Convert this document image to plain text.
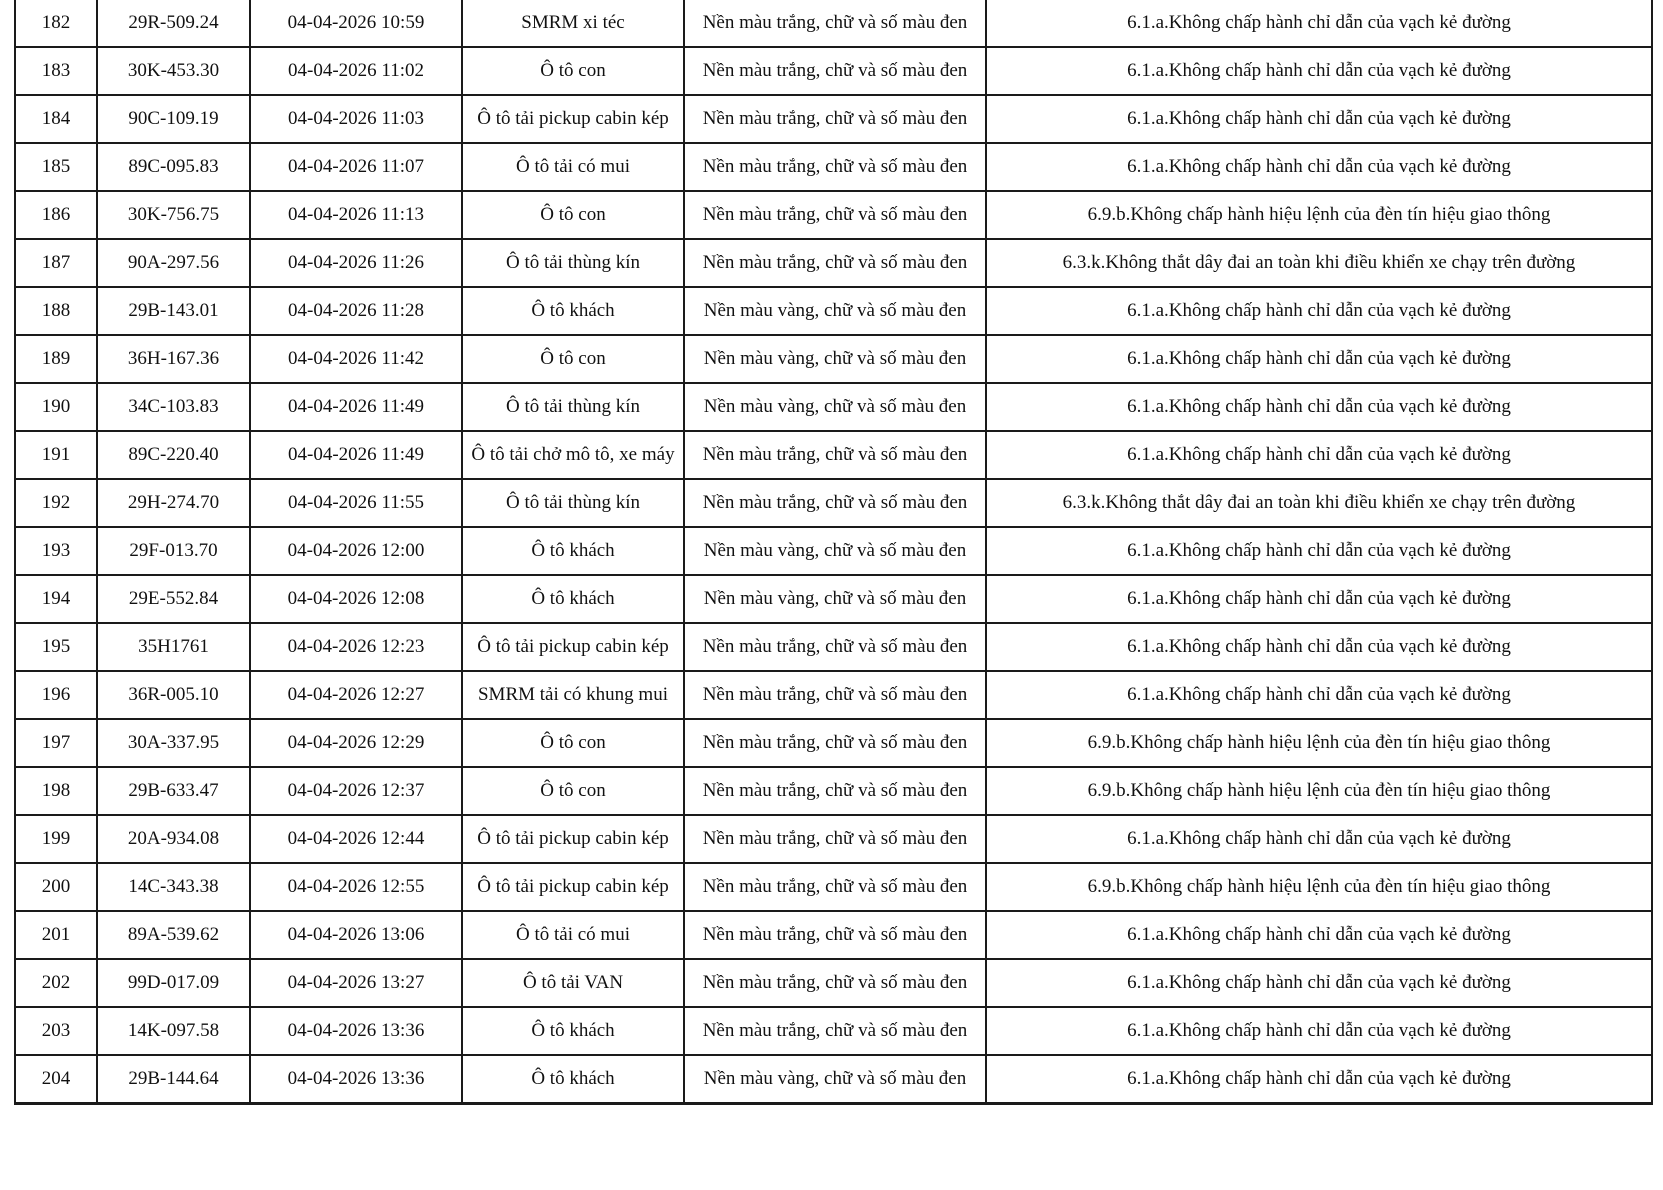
182	29R-509.24	04-04-2026 10:59	SMRM xi téc	Nền màu trắng, chữ và số màu đen	6.1.a.Không chấp hành chỉ dẫn của vạch kẻ đường
183	30K-453.30	04-04-2026 11:02	Ô tô con	Nền màu trắng, chữ và số màu đen	6.1.a.Không chấp hành chỉ dẫn của vạch kẻ đường
184	90C-109.19	04-04-2026 11:03	Ô tô tải pickup cabin kép	Nền màu trắng, chữ và số màu đen	6.1.a.Không chấp hành chỉ dẫn của vạch kẻ đường
185	89C-095.83	04-04-2026 11:07	Ô tô tải có mui	Nền màu trắng, chữ và số màu đen	6.1.a.Không chấp hành chỉ dẫn của vạch kẻ đường
186	30K-756.75	04-04-2026 11:13	Ô tô con	Nền màu trắng, chữ và số màu đen	6.9.b.Không chấp hành hiệu lệnh của đèn tín hiệu giao thông
187	90A-297.56	04-04-2026 11:26	Ô tô tải thùng kín	Nền màu trắng, chữ và số màu đen	6.3.k.Không thắt dây đai an toàn khi điều khiển xe chạy trên đường
188	29B-143.01	04-04-2026 11:28	Ô tô khách	Nền màu vàng, chữ và số màu đen	6.1.a.Không chấp hành chỉ dẫn của vạch kẻ đường
189	36H-167.36	04-04-2026 11:42	Ô tô con	Nền màu vàng, chữ và số màu đen	6.1.a.Không chấp hành chỉ dẫn của vạch kẻ đường
190	34C-103.83	04-04-2026 11:49	Ô tô tải thùng kín	Nền màu vàng, chữ và số màu đen	6.1.a.Không chấp hành chỉ dẫn của vạch kẻ đường
191	89C-220.40	04-04-2026 11:49	Ô tô tải chở mô tô, xe máy	Nền màu trắng, chữ và số màu đen	6.1.a.Không chấp hành chỉ dẫn của vạch kẻ đường
192	29H-274.70	04-04-2026 11:55	Ô tô tải thùng kín	Nền màu trắng, chữ và số màu đen	6.3.k.Không thắt dây đai an toàn khi điều khiển xe chạy trên đường
193	29F-013.70	04-04-2026 12:00	Ô tô khách	Nền màu vàng, chữ và số màu đen	6.1.a.Không chấp hành chỉ dẫn của vạch kẻ đường
194	29E-552.84	04-04-2026 12:08	Ô tô khách	Nền màu vàng, chữ và số màu đen	6.1.a.Không chấp hành chỉ dẫn của vạch kẻ đường
195	35H1761	04-04-2026 12:23	Ô tô tải pickup cabin kép	Nền màu trắng, chữ và số màu đen	6.1.a.Không chấp hành chỉ dẫn của vạch kẻ đường
196	36R-005.10	04-04-2026 12:27	SMRM tải có khung mui	Nền màu trắng, chữ và số màu đen	6.1.a.Không chấp hành chỉ dẫn của vạch kẻ đường
197	30A-337.95	04-04-2026 12:29	Ô tô con	Nền màu trắng, chữ và số màu đen	6.9.b.Không chấp hành hiệu lệnh của đèn tín hiệu giao thông
198	29B-633.47	04-04-2026 12:37	Ô tô con	Nền màu trắng, chữ và số màu đen	6.9.b.Không chấp hành hiệu lệnh của đèn tín hiệu giao thông
199	20A-934.08	04-04-2026 12:44	Ô tô tải pickup cabin kép	Nền màu trắng, chữ và số màu đen	6.1.a.Không chấp hành chỉ dẫn của vạch kẻ đường
200	14C-343.38	04-04-2026 12:55	Ô tô tải pickup cabin kép	Nền màu trắng, chữ và số màu đen	6.9.b.Không chấp hành hiệu lệnh của đèn tín hiệu giao thông
201	89A-539.62	04-04-2026 13:06	Ô tô tải có mui	Nền màu trắng, chữ và số màu đen	6.1.a.Không chấp hành chỉ dẫn của vạch kẻ đường
202	99D-017.09	04-04-2026 13:27	Ô tô tải VAN	Nền màu trắng, chữ và số màu đen	6.1.a.Không chấp hành chỉ dẫn của vạch kẻ đường
203	14K-097.58	04-04-2026 13:36	Ô tô khách	Nền màu trắng, chữ và số màu đen	6.1.a.Không chấp hành chỉ dẫn của vạch kẻ đường
204	29B-144.64	04-04-2026 13:36	Ô tô khách	Nền màu vàng, chữ và số màu đen	6.1.a.Không chấp hành chỉ dẫn của vạch kẻ đường
